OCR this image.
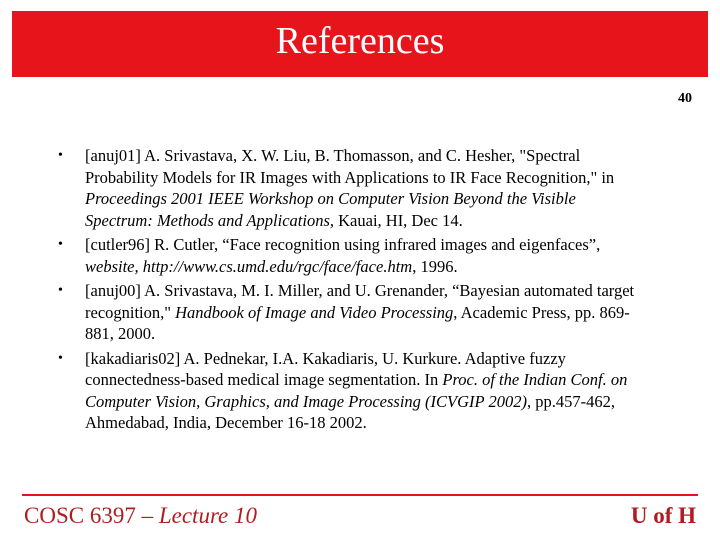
References
40
• [anuj01] A. Srivastava, X. W. Liu, B. Thomasson, and C. Hesher, "Spectral Probability Models for IR Images with Applications to IR Face Recognition," in Proceedings 2001 IEEE Workshop on Computer Vision Beyond the Visible Spectrum: Methods and Applications, Kauai, HI, Dec 14.
• [cutler96] R. Cutler, “Face recognition using infrared images and eigenfaces”, website, http://www.cs.umd.edu/rgc/face/face.htm, 1996.
• [anuj00] A. Srivastava, M. I. Miller, and U. Grenander, “Bayesian automated target recognition," Handbook of Image and Video Processing, Academic Press, pp. 869-881, 2000.
• [kakadiaris02] A. Pednekar, I.A. Kakadiaris, U. Kurkure. Adaptive fuzzy connectedness-based medical image segmentation. In Proc. of the Indian Conf. on Computer Vision, Graphics, and Image Processing (ICVGIP 2002), pp.457-462, Ahmedabad, India, December 16-18 2002.
COSC 6397 – Lecture 10	U of H
